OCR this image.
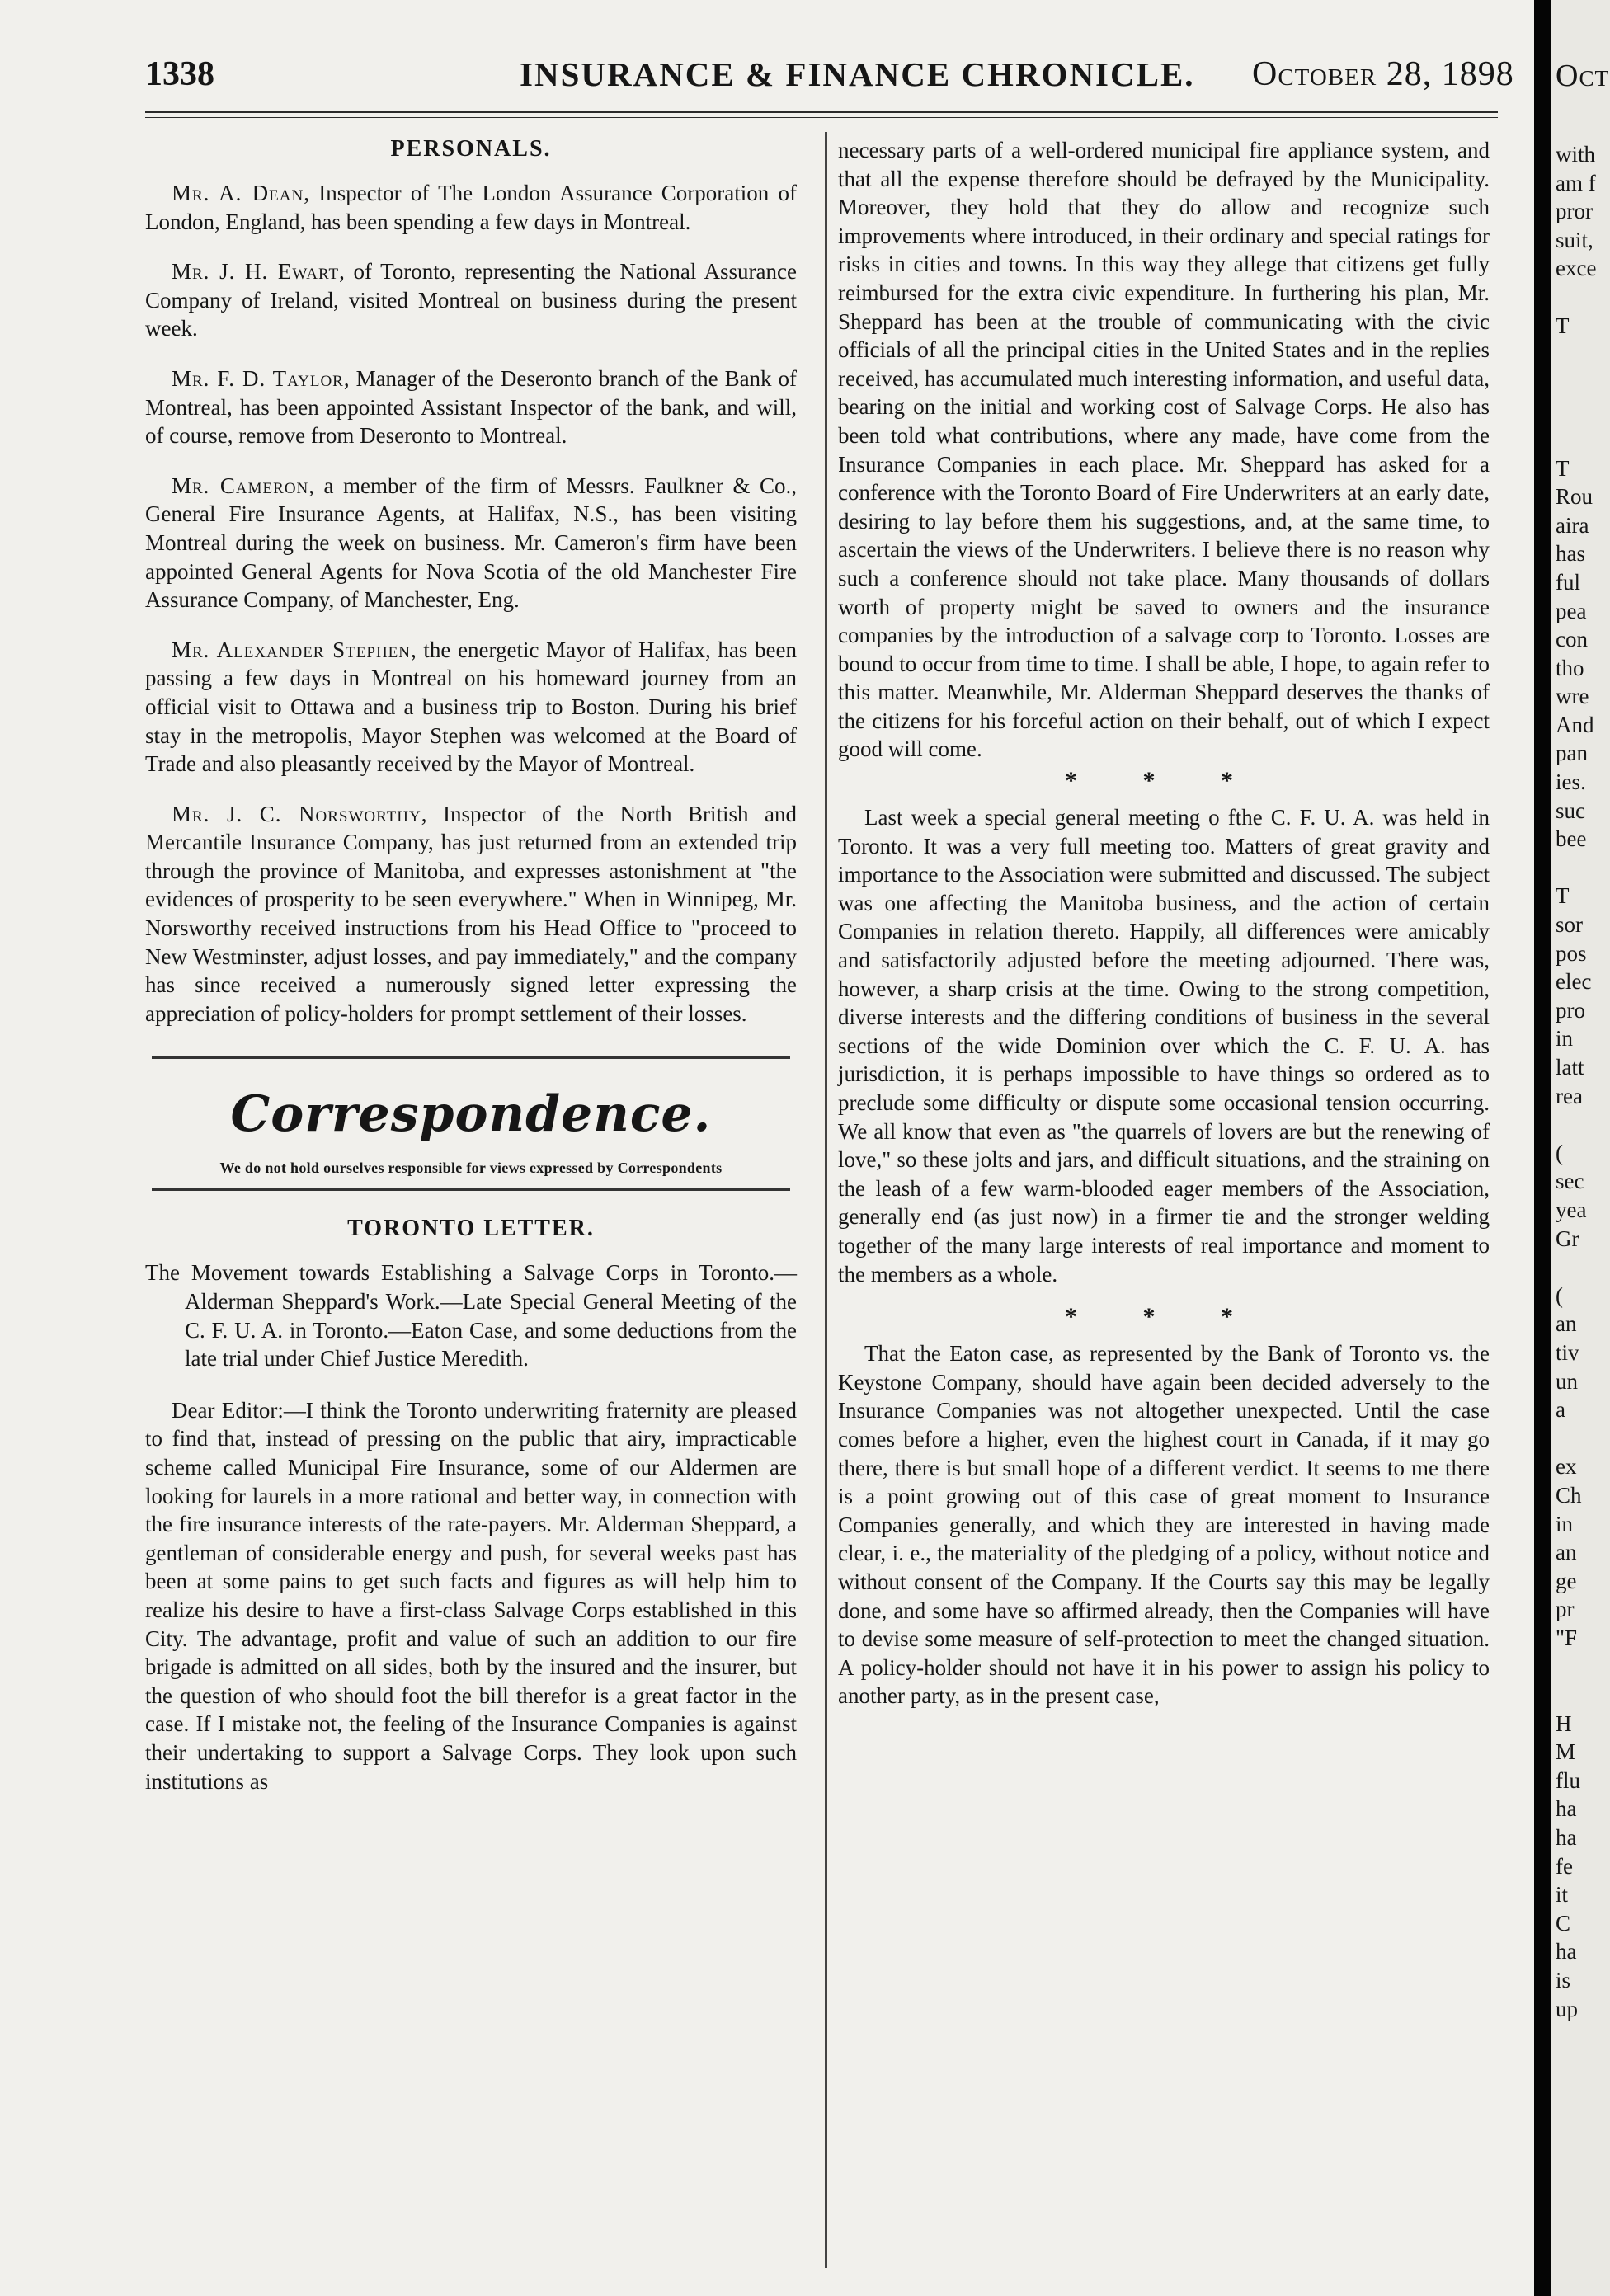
1338	INSURANCE & FINANCE CHRONICLE. October 28, 1898
PERSONALS.

Mr. A. Dean, Inspector of The London Assurance Corporation of London, England, has been spending a few days in Montreal.

Mr. J. H. Ewart, of Toronto, representing the National Assurance Company of Ireland, visited Montreal on business during the present week.

Mr. F. D. Taylor, Manager of the Deseronto branch of the Bank of Montreal, has been appointed Assistant Inspector of the bank, and will, of course, remove from Deseronto to Montreal.

Mr. Cameron, a member of the firm of Messrs. Faulkner & Co., General Fire Insurance Agents, at Halifax, N.S., has been visiting Montreal during the week on business. Mr. Cameron's firm have been appointed General Agents for Nova Scotia of the old Manchester Fire Assurance Company, of Manchester, Eng.

Mr. Alexander Stephen, the energetic Mayor of Halifax, has been passing a few days in Montreal on his homeward journey from an official visit to Ottawa and a business trip to Boston. During his brief stay in the metropolis, Mayor Stephen was welcomed at the Board of Trade and also pleasantly received by the Mayor of Montreal.

Mr. J. C. Norsworthy, Inspector of the North British and Mercantile Insurance Company, has just returned from an extended trip through the province of Manitoba, and expresses astonishment at "the evidences of prosperity to be seen everywhere." When in Winnipeg, Mr. Norsworthy received instructions from his Head Office to "proceed to New Westminster, adjust losses, and pay immediately," and the company has since received a numerously signed letter expressing the appreciation of policy-holders for prompt settlement of their losses.

Correspondence.
We do not hold ourselves responsible for views expressed by Correspondents
TORONTO LETTER.

The Movement towards Establishing a Salvage Corps in Toronto.—Alderman Sheppard's Work.—Late Special General Meeting of the C. F. U. A. in Toronto.—Eaton Case, and some deductions from the late trial under Chief Justice Meredith.

Dear Editor:—I think the Toronto underwriting fraternity are pleased to find that, instead of pressing on the public that airy, impracticable scheme called Municipal Fire Insurance, some of our Aldermen are looking for laurels in a more rational and better way, in connection with the fire insurance interests of the rate-payers. Mr. Alderman Sheppard, a gentleman of considerable energy and push, for several weeks past has been at some pains to get such facts and figures as will help him to realize his desire to have a first-class Salvage Corps established in this City. The advantage, profit and value of such an addition to our fire brigade is admitted on all sides, both by the insured and the insurer, but the question of who should foot the bill therefor is a great factor in the case. If I mistake not, the feeling of the Insurance Companies is against their undertaking to support a Salvage Corps. They look upon such institutions as

necessary parts of a well-ordered municipal fire appliance system, and that all the expense therefore should be defrayed by the Municipality. Moreover, they hold that they do allow and recognize such improvements where introduced, in their ordinary and special ratings for risks in cities and towns. In this way they allege that citizens get fully reimbursed for the extra civic expenditure. In furthering his plan, Mr. Sheppard has been at the trouble of communicating with the civic officials of all the principal cities in the United States and in the replies received, has accumulated much interesting information, and useful data, bearing on the initial and working cost of Salvage Corps. He also has been told what contributions, where any made, have come from the Insurance Companies in each place. Mr. Sheppard has asked for a conference with the Toronto Board of Fire Underwriters at an early date, desiring to lay before them his suggestions, and, at the same time, to ascertain the views of the Underwriters. I believe there is no reason why such a conference should not take place. Many thousands of dollars worth of property might be saved to owners and the insurance companies by the introduction of a salvage corp to Toronto. Losses are bound to occur from time to time. I shall be able, I hope, to again refer to this matter. Meanwhile, Mr. Alderman Sheppard deserves the thanks of the citizens for his forceful action on their behalf, out of which I expect good will come.

* * *

Last week a special general meeting o fthe C. F. U. A. was held in Toronto. It was a very full meeting too. Matters of great gravity and importance to the Association were submitted and discussed. The subject was one affecting the Manitoba business, and the action of certain Companies in relation thereto. Happily, all differences were amicably and satisfactorily adjusted before the meeting adjourned. There was, however, a sharp crisis at the time. Owing to the strong competition, diverse interests and the differing conditions of business in the several sections of the wide Dominion over which the C. F. U. A. has jurisdiction, it is perhaps impossible to have things so ordered as to preclude some difficulty or dispute some occasional tension occurring. We all know that even as "the quarrels of lovers are but the renewing of love," so these jolts and jars, and difficult situations, and the straining on the leash of a few warm-blooded eager members of the Association, generally end (as just now) in a firmer tie and the stronger welding together of the many large interests of real importance and moment to the members as a whole.

* * *

That the Eaton case, as represented by the Bank of Toronto vs. the Keystone Company, should have again been decided adversely to the Insurance Companies was not altogether unexpected. Until the case comes before a higher, even the highest court in Canada, if it may go there, there is but small hope of a different verdict. It seems to me there is a point growing out of this case of great moment to Insurance Companies generally, and which they are interested in having made clear, i. e., the materiality of the pledging of a policy, without notice and without consent of the Company. If the Courts say this may be legally done, and some have so affirmed already, then the Companies will have to devise some measure of self-protection to meet the changed situation. A policy-holder should not have it in his power to assign his policy to another party, as in the present case,

Oct
with
am f
pror
suit,
exce

T

T
Rou
aira
has
ful
pea
con
tho
wre
And
pan
ies.
suc
bee

T
sor
pos
elec
pro
in
latt
rea

(
sec
yea
Gr

(
an
tiv
un
a

ex
Ch
in
an
ge
pr
"F

H
M
flu
ha
ha
fe
it
C
ha
is
up
